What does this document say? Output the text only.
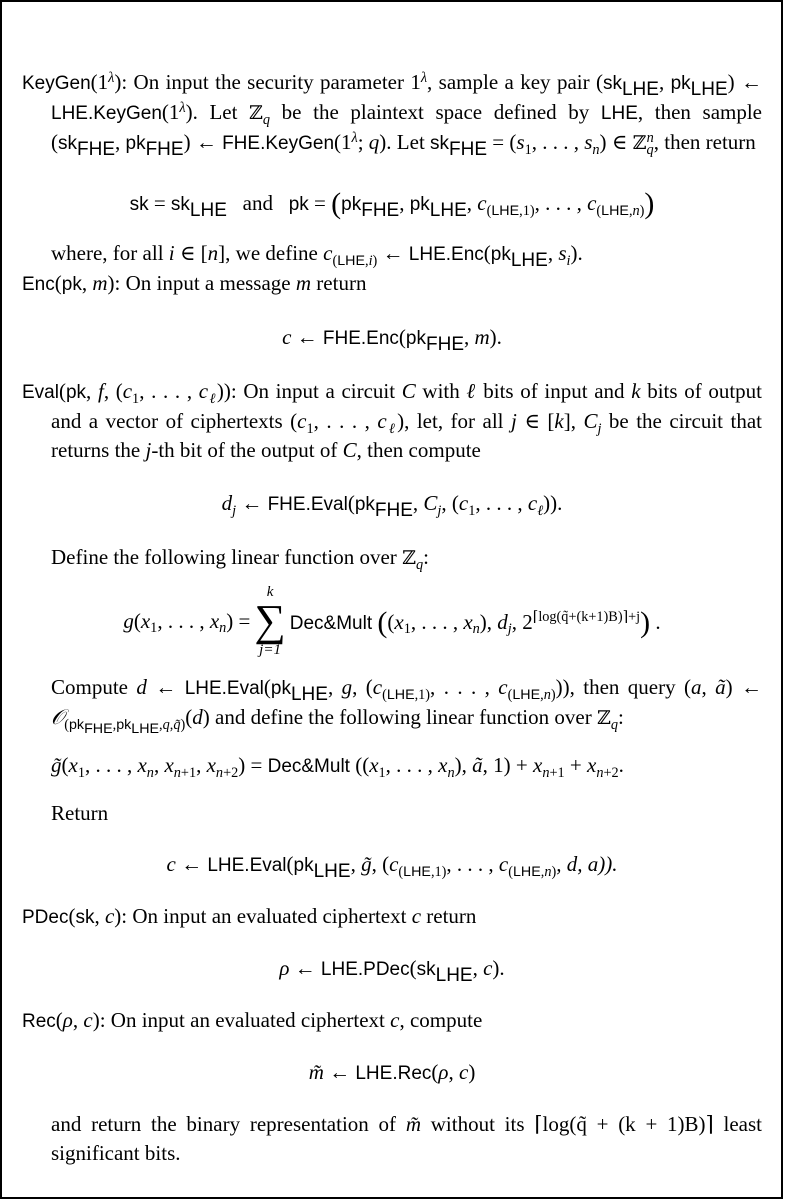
$KeyGen(1^\lambda)$: On input the security parameter $1^\lambda$, sample a key pair ($sk_{LHE}$, $pk_{LHE}$) ← $LHE.KeyGen(1^\lambda)$. Let ℤ$_q$ be the plaintext space defined by LHE, then sample ($sk_{FHE}$, $pk_{FHE}$) ← $FHE.KeyGen(1^\lambda$; q). Let $sk_{FHE} = (s_1$, . . . , $s_n$) ∈ ℤ$_q^n$, then return
sk = $sk_{LHE}$ and pk = ($pk_{FHE}$, $pk_{LHE}$, $c_{(LHE,1)}$, . . . , $c_{(LHE,n)}$)
where, for all i ∈ [n], we define $c_{(LHE,i)}$ ← $LHE.Enc(pk_{LHE}$, $s_i$).
Enc(pk, m): On input a message m return
c ← $FHE.Enc(pk_{FHE}$, m).
Eval(pk, f, ($c_1$, . . . , $c_\ell$)): On input a circuit C with ℓ bits of input and k bits of output and a vector of ciphertexts ($c_1$, . . . , $c_\ell$), let, for all j ∈ [k], $C_j$ be the circuit that returns the j-th bit of the output of C, then compute
$d_j$ ← $FHE.Eval(pk_{FHE}$, $C_j$, ($c_1$, . . . , $c_\ell$)).
Define the following linear function over ℤ$_q$:
$g(x_1$, . . . , $x_n$) =
k
∑
j=1
Dec&Mult (($x_1$, . . . , $x_n$), $d_j$, $2^{⌈log(q̃+(k+1)B)⌉+j}$) .
Compute d ← $LHE.Eval(pk_{LHE}$, g, ($c_{(LHE,1)}$, . . . , $c_{(LHE,n)}$)), then query (a, ã) ← 𝒪$_{(pk_{FHE},pk_{LHE},q,q̃)}$(d) and define the following linear function over ℤ$_q$:
$g̃(x_1$, . . . , $x_n$, $x_{n+1}$, $x_{n+2}$) = Dec&Mult (($x_1$, . . . , $x_n$), ã, $1) + x_{n+1} + x_{n+2}$.
Return
c ← $LHE.Eval(pk_{LHE}$, g̃, ($c_{(LHE,1)}$, . . . , $c_{(LHE,n)}$, d, a)).
PDec(sk, c): On input an evaluated ciphertext c return
ρ ← $LHE.PDec(sk_{LHE}$, c).
Rec(ρ, c): On input an evaluated ciphertext c, compute
m̃ ← LHE.Rec(ρ, c)
and return the binary representation of m̃ without its ⌈log(q̃ + (k + 1)B)⌉ least significant bits.
